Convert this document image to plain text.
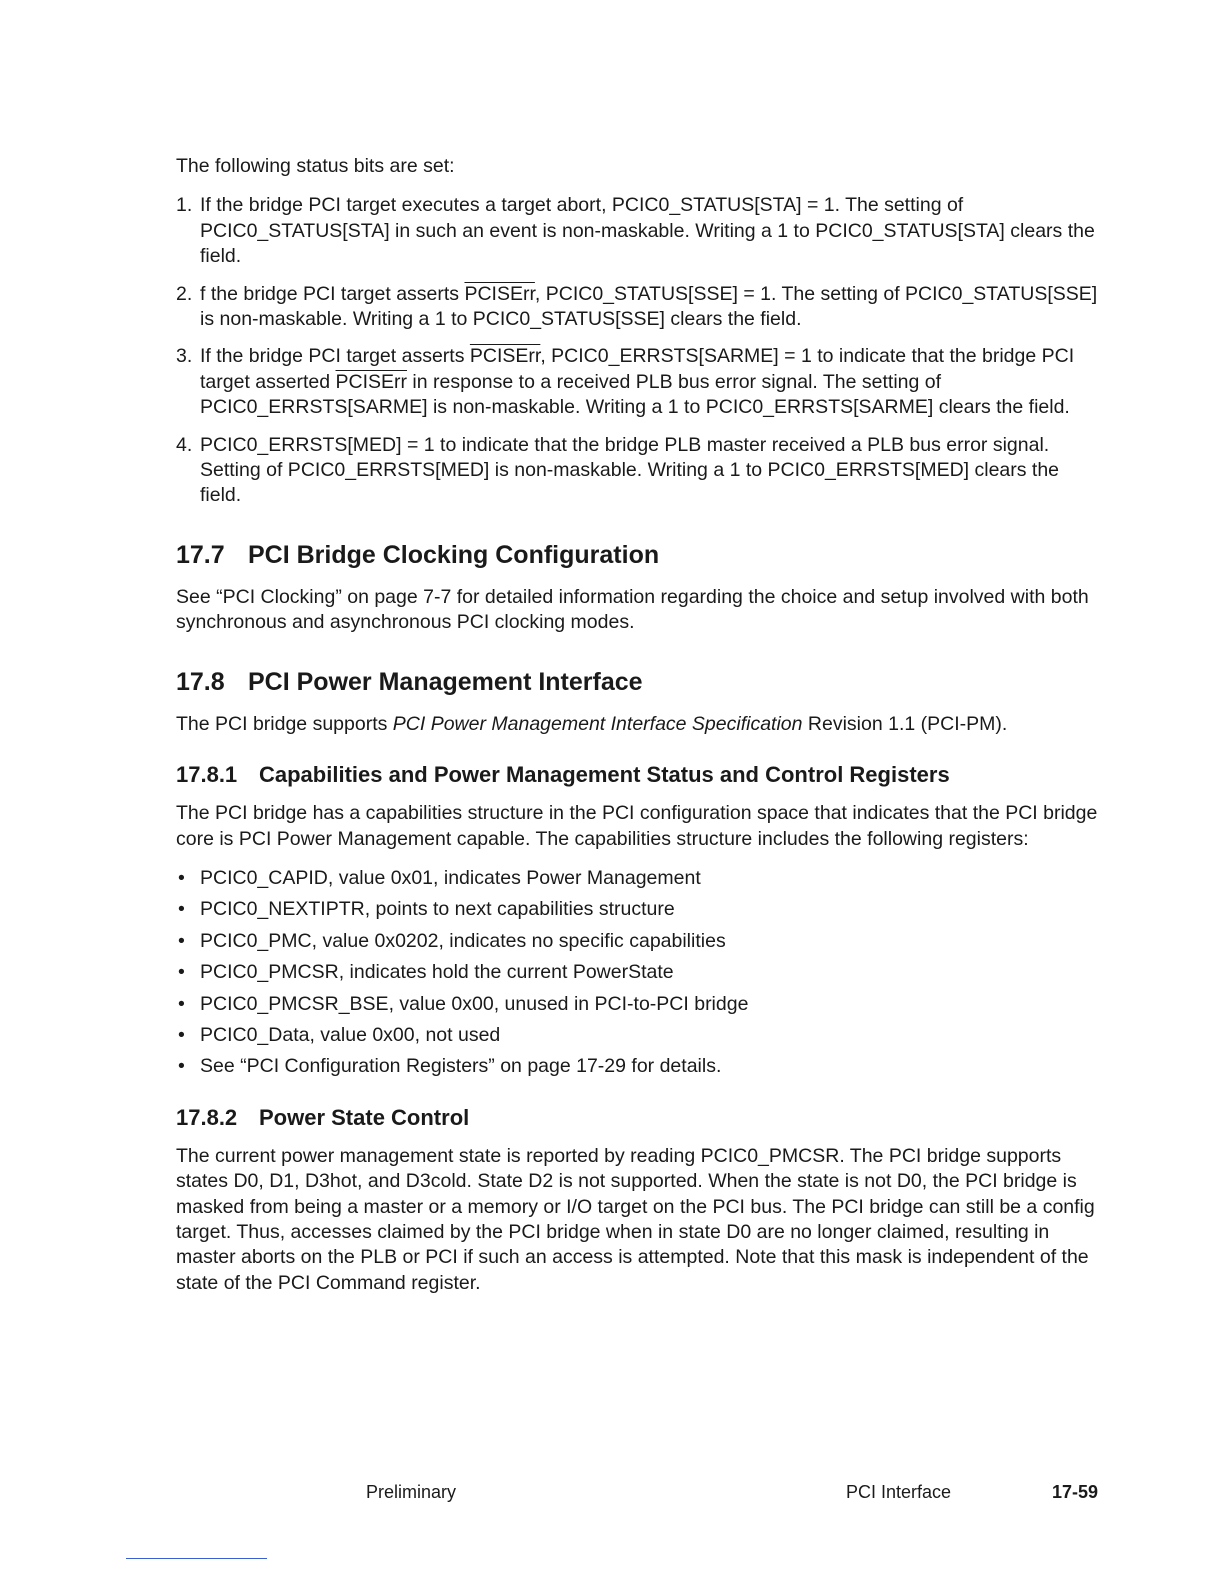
The following status bits are set:

1. If the bridge PCI target executes a target abort, PCIC0_STATUS[STA] = 1. The setting of PCIC0_STATUS[STA] in such an event is non-maskable. Writing a 1 to PCIC0_STATUS[STA] clears the field.
2. f the bridge PCI target asserts PCISErr, PCIC0_STATUS[SSE] = 1. The setting of PCIC0_STATUS[SSE] is non-maskable. Writing a 1 to PCIC0_STATUS[SSE] clears the field.
3. If the bridge PCI target asserts PCISErr, PCIC0_ERRSTS[SARME] = 1 to indicate that the bridge PCI target asserted PCISErr in response to a received PLB bus error signal. The setting of PCIC0_ERRSTS[SARME] is non-maskable. Writing a 1 to PCIC0_ERRSTS[SARME] clears the field.
4. PCIC0_ERRSTS[MED] = 1 to indicate that the bridge PLB master received a PLB bus error signal. Setting of PCIC0_ERRSTS[MED] is non-maskable. Writing a 1 to PCIC0_ERRSTS[MED] clears the field.
17.7 PCI Bridge Clocking Configuration

See “PCI Clocking” on page 7-7 for detailed information regarding the choice and setup involved with both synchronous and asynchronous PCI clocking modes.

17.8 PCI Power Management Interface

The PCI bridge supports PCI Power Management Interface Specification Revision 1.1 (PCI-PM).

17.8.1 Capabilities and Power Management Status and Control Registers

The PCI bridge has a capabilities structure in the PCI configuration space that indicates that the PCI bridge core is PCI Power Management capable. The capabilities structure includes the following registers:

• PCIC0_CAPID, value 0x01, indicates Power Management
• PCIC0_NEXTIPTR, points to next capabilities structure
• PCIC0_PMC, value 0x0202, indicates no specific capabilities
• PCIC0_PMCSR, indicates hold the current PowerState
• PCIC0_PMCSR_BSE, value 0x00, unused in PCI-to-PCI bridge
• PCIC0_Data, value 0x00, not used
• See “PCI Configuration Registers” on page 17-29 for details.
17.8.2 Power State Control

The current power management state is reported by reading PCIC0_PMCSR. The PCI bridge supports states D0, D1, D3hot, and D3cold. State D2 is not supported. When the state is not D0, the PCI bridge is masked from being a master or a memory or I/O target on the PCI bus. The PCI bridge can still be a config target. Thus, accesses claimed by the PCI bridge when in state D0 are no longer claimed, resulting in master aborts on the PLB or PCI if such an access is attempted. Note that this mask is independent of the state of the PCI Command register.

Preliminary	PCI Interface	17-59
